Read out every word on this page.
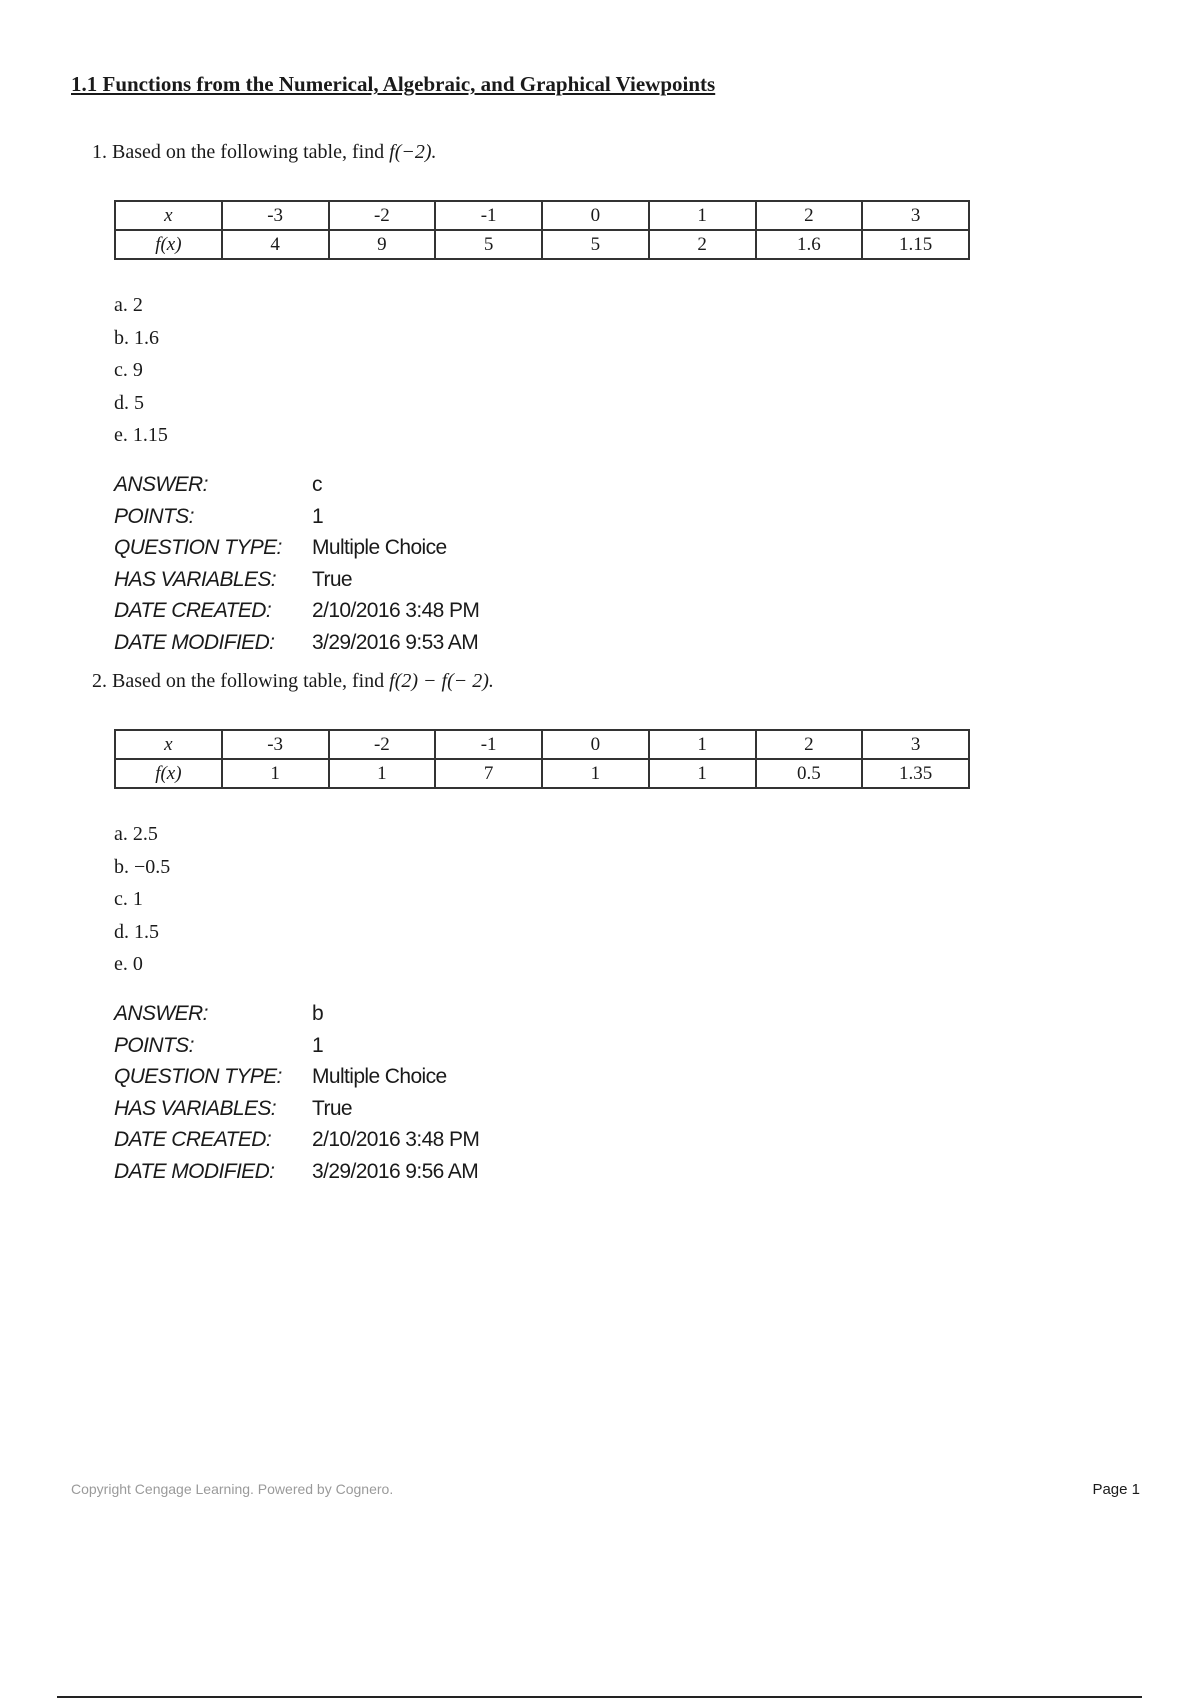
1.1 Functions from the Numerical, Algebraic, and Graphical Viewpoints
1. Based on the following table, find f(−2).
x	-3	-2	-1	0	1	2	3
f(x)	4	9	5	5	2	1.6	1.15
a. 2
b. 1.6
c. 9
d. 5
e. 1.15
ANSWER:	c
POINTS:	1
QUESTION TYPE:	Multiple Choice
HAS VARIABLES:	True
DATE CREATED:	2/10/2016 3:48 PM
DATE MODIFIED:	3/29/2016 9:53 AM
2. Based on the following table, find f(2) − f(− 2).
x	-3	-2	-1	0	1	2	3
f(x)	1	1	7	1	1	0.5	1.35
a. 2.5
b. −0.5
c. 1
d. 1.5
e. 0
ANSWER:	b
POINTS:	1
QUESTION TYPE:	Multiple Choice
HAS VARIABLES:	True
DATE CREATED:	2/10/2016 3:48 PM
DATE MODIFIED:	3/29/2016 9:56 AM
Copyright Cengage Learning. Powered by Cognero.	Page 1
